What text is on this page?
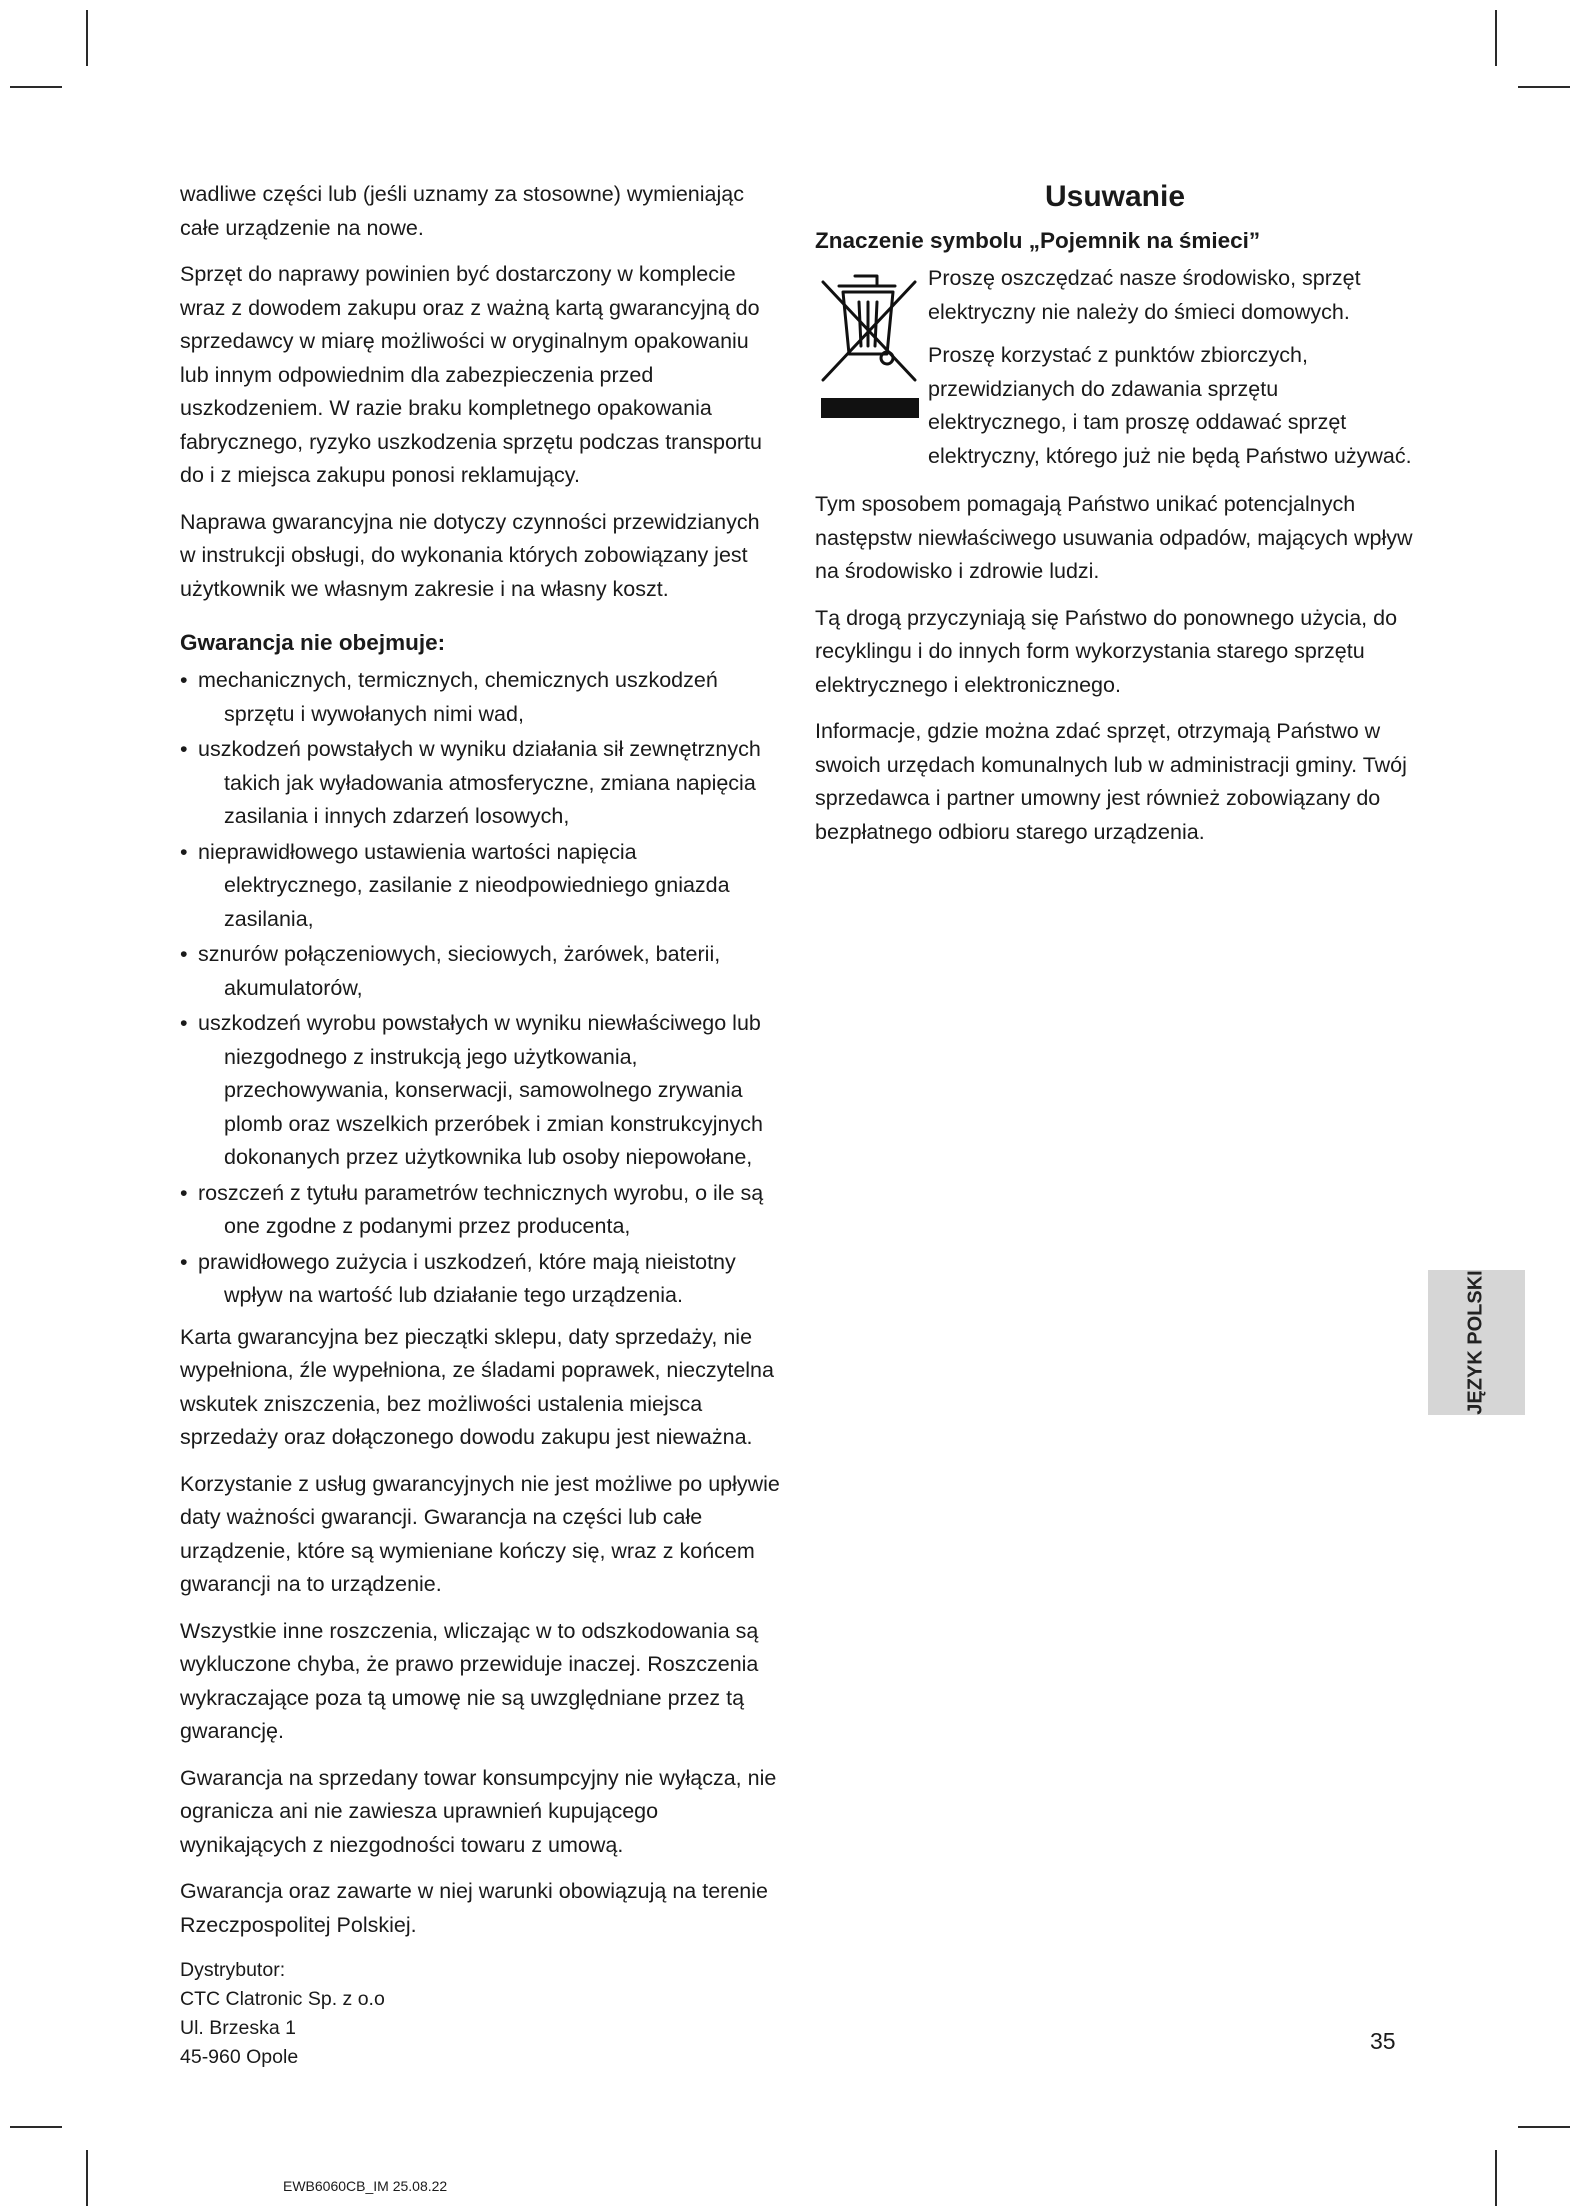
wadliwe części lub (jeśli uznamy za stosowne) wymieniając całe urządzenie na nowe.

Sprzęt do naprawy powinien być dostarczony w komplecie wraz z dowodem zakupu oraz z ważną kartą gwarancyjną do sprzedawcy w miarę możliwości w oryginalnym opakowaniu lub innym odpowiednim dla zabezpieczenia przed uszkodzeniem. W razie braku kompletnego opakowania fabrycznego, ryzyko uszkodzenia sprzętu podczas transportu do i z miejsca zakupu ponosi reklamujący.

Naprawa gwarancyjna nie dotyczy czynności przewidzianych w instrukcji obsługi, do wykonania których zobowiązany jest użytkownik we własnym zakresie i na własny koszt.

Gwarancja nie obejmuje:
• mechanicznych, termicznych, chemicznych uszkodzeń sprzętu i wywołanych nimi wad,
• uszkodzeń powstałych w wyniku działania sił zewnętrznych takich jak wyładowania atmosferyczne, zmiana napięcia zasilania i innych zdarzeń losowych,
• nieprawidłowego ustawienia wartości napięcia elektrycznego, zasilanie z nieodpowiedniego gniazda zasilania,
• sznurów połączeniowych, sieciowych, żarówek, baterii, akumulatorów,
• uszkodzeń wyrobu powstałych w wyniku niewłaściwego lub niezgodnego z instrukcją jego użytkowania, przechowywania, konserwacji, samowolnego zrywania plomb oraz wszelkich przeróbek i zmian konstrukcyjnych dokonanych przez użytkownika lub osoby niepowołane,
• roszczeń z tytułu parametrów technicznych wyrobu, o ile są one zgodne z podanymi przez producenta,
• prawidłowego zużycia i uszkodzeń, które mają nieistotny wpływ na wartość lub działanie tego urządzenia.

Karta gwarancyjna bez pieczątki sklepu, daty sprzedaży, nie wypełniona, źle wypełniona, ze śladami poprawek, nieczytelna wskutek zniszczenia, bez możliwości ustalenia miejsca sprzedaży oraz dołączonego dowodu zakupu jest nieważna.

Korzystanie z usług gwarancyjnych nie jest możliwe po upływie daty ważności gwarancji. Gwarancja na części lub całe urządzenie, które są wymieniane kończy się, wraz z końcem gwarancji na to urządzenie.

Wszystkie inne roszczenia, wliczając w to odszkodowania są wykluczone chyba, że prawo przewiduje inaczej. Roszczenia wykraczające poza tą umowę nie są uwzględniane przez tą gwarancję.

Gwarancja na sprzedany towar konsumpcyjny nie wyłącza, nie ogranicza ani nie zawiesza uprawnień kupującego wynikających z niezgodności towaru z umową.

Gwarancja oraz zawarte w niej warunki obowiązują na terenie Rzeczpospolitej Polskiej.

Dystrybutor:
CTC Clatronic Sp. z o.o
Ul. Brzeska 1
45-960 Opole
Usuwanie
Znaczenie symbolu „Pojemnik na śmieci”

Proszę oszczędzać nasze środowisko, sprzęt elektryczny nie należy do śmieci domowych.

Proszę korzystać z punktów zbiorczych, przewidzianych do zdawania sprzętu elektrycznego, i tam proszę oddawać sprzęt elektryczny, którego już nie będą Państwo używać.

Tym sposobem pomagają Państwo unikać potencjalnych następstw niewłaściwego usuwania odpadów, mających wpływ na środowisko i zdrowie ludzi.

Tą drogą przyczyniają się Państwo do ponownego użycia, do recyklingu i do innych form wykorzystania starego sprzętu elektrycznego i elektronicznego.

Informacje, gdzie można zdać sprzęt, otrzymają Państwo w swoich urzędach komunalnych lub w administracji gminy. Twój sprzedawca i partner umowny jest również zobowiązany do bezpłatnego odbioru starego urządzenia.

JĘZYK POLSKI
35
EWB6060CB_IM 25.08.22
